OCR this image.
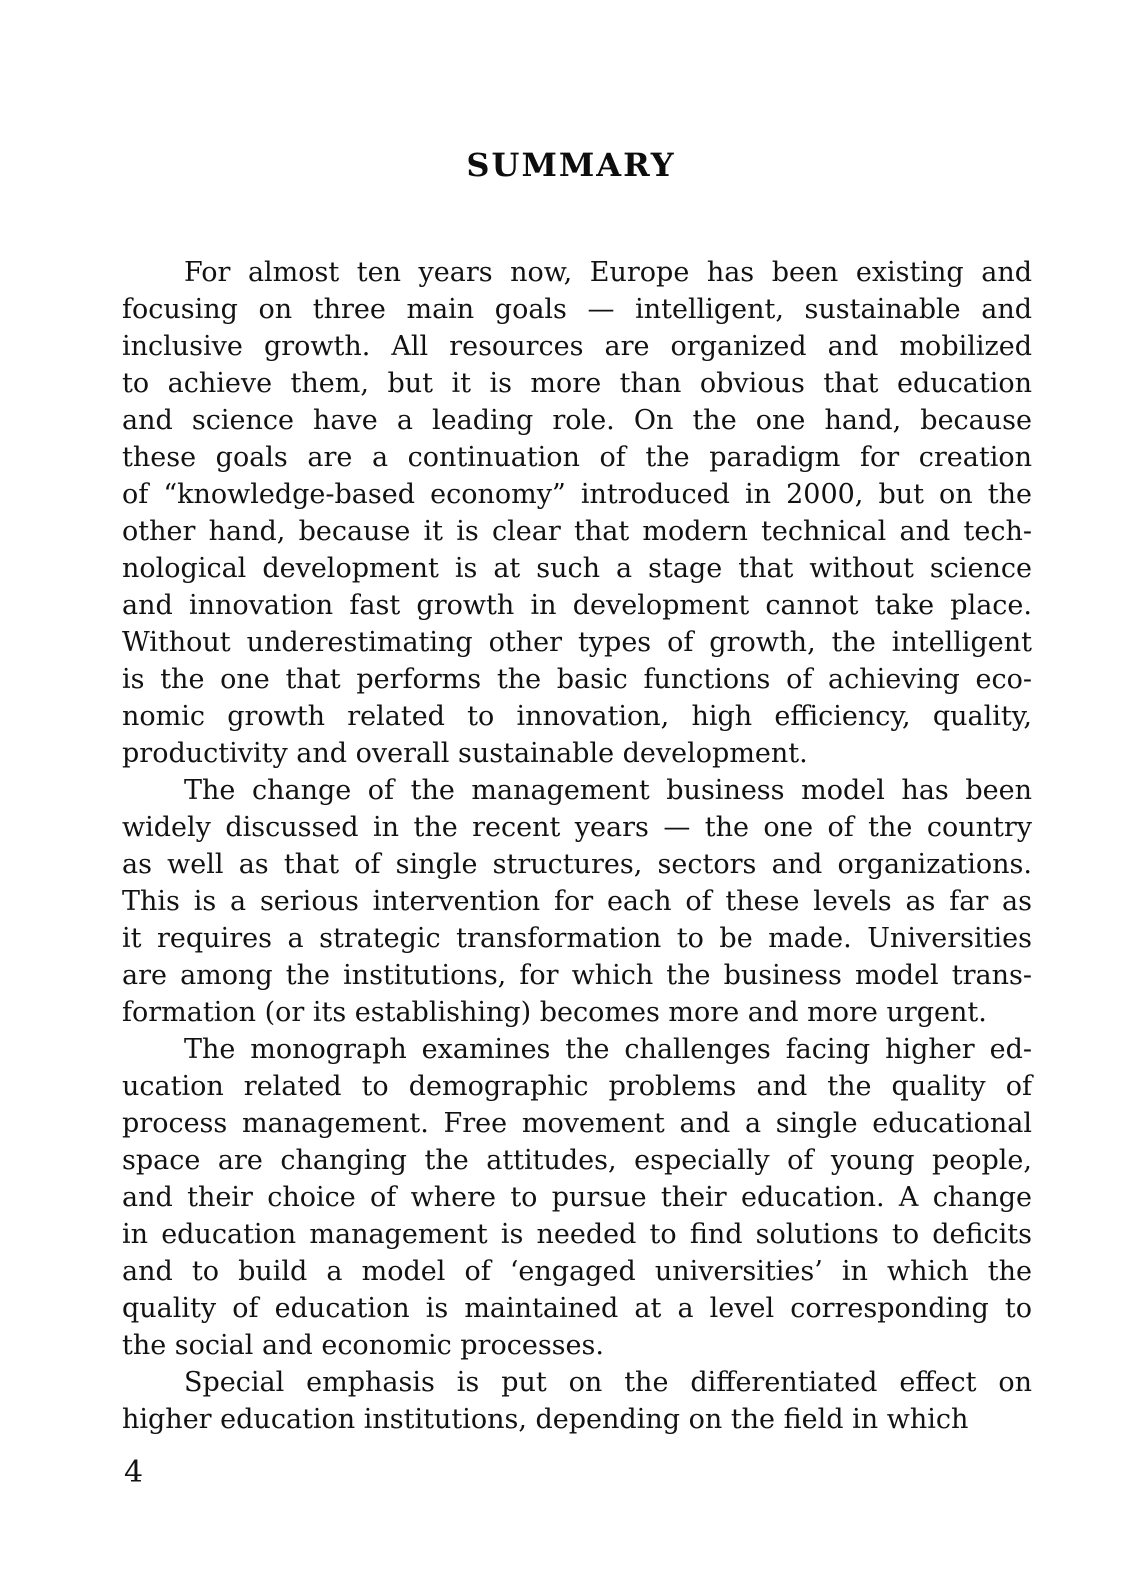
SUMMARY
For almost ten years now, Europe has been existing and
focusing on three main goals — intelligent, sustainable and
inclusive growth. All resources are organized and mobilized
to achieve them, but it is more than obvious that education
and science have a leading role. On the one hand, because
these goals are a continuation of the paradigm for creation
of “knowledge-based economy” introduced in 2000, but on the
other hand, because it is clear that modern technical and tech-
nological development is at such a stage that without science
and innovation fast growth in development cannot take place.
Without underestimating other types of growth, the intelligent
is the one that performs the basic functions of achieving eco-
nomic growth related to innovation, high efficiency, quality,
productivity and overall sustainable development.
The change of the management business model has been
widely discussed in the recent years — the one of the country
as well as that of single structures, sectors and organizations.
This is a serious intervention for each of these levels as far as
it requires a strategic transformation to be made. Universities
are among the institutions, for which the business model trans-
formation (or its establishing) becomes more and more urgent.
The monograph examines the challenges facing higher ed-
ucation related to demographic problems and the quality of
process management. Free movement and a single educational
space are changing the attitudes, especially of young people,
and their choice of where to pursue their education. A change
in education management is needed to find solutions to deficits
and to build a model of ‘engaged universities’ in which the
quality of education is maintained at a level corresponding to
the social and economic processes.
Special emphasis is put on the differentiated effect on
higher education institutions, depending on the field in which
4
